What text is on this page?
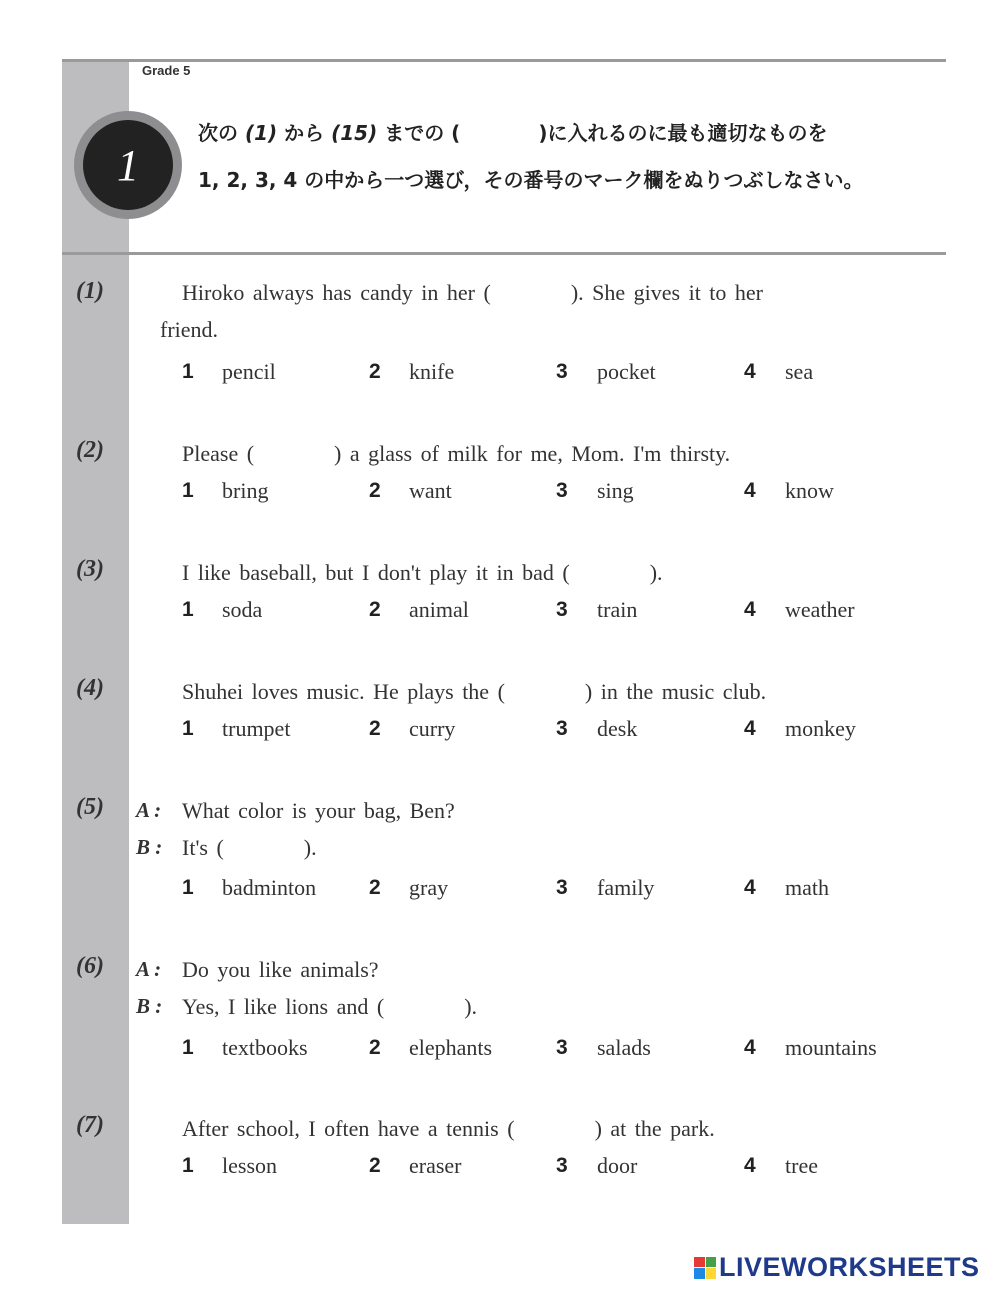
Grade 5
1
次の (1) から (15) までの (	)に入れるのに最も適切なものを
1, 2, 3, 4 の中から一つ選び，その番号のマーク欄をぬりつぶしなさい。
(1)	Hiroko always has candy in her (	). She gives it to her
friend.
(2)	Please (	) a glass of milk for me, Mom. I'm thirsty.
(3)	I like baseball, but I don't play it in bad (	).
(4)	Shuhei loves music. He plays the (	) in the music club.
(5) A : What color is your bag, Ben?
B : It's (	).
(6) A : Do you like animals?
B : Yes, I like lions and (	).
(7)	After school, I often have a tennis (	) at the park.
1 pencil	2 knife	3 pocket	4 sea
1 bring	2 want	3 sing	4 know
1 soda	2 animal	3 train	4 weather
1 trumpet	2 curry	3 desk	4 monkey
1 badminton	2 gray	3 family	4 math
1 textbooks	2 elephants	3 salads	4 mountains
1 lesson	2 eraser	3 door	4 tree
LIVEWORKSHEETS
